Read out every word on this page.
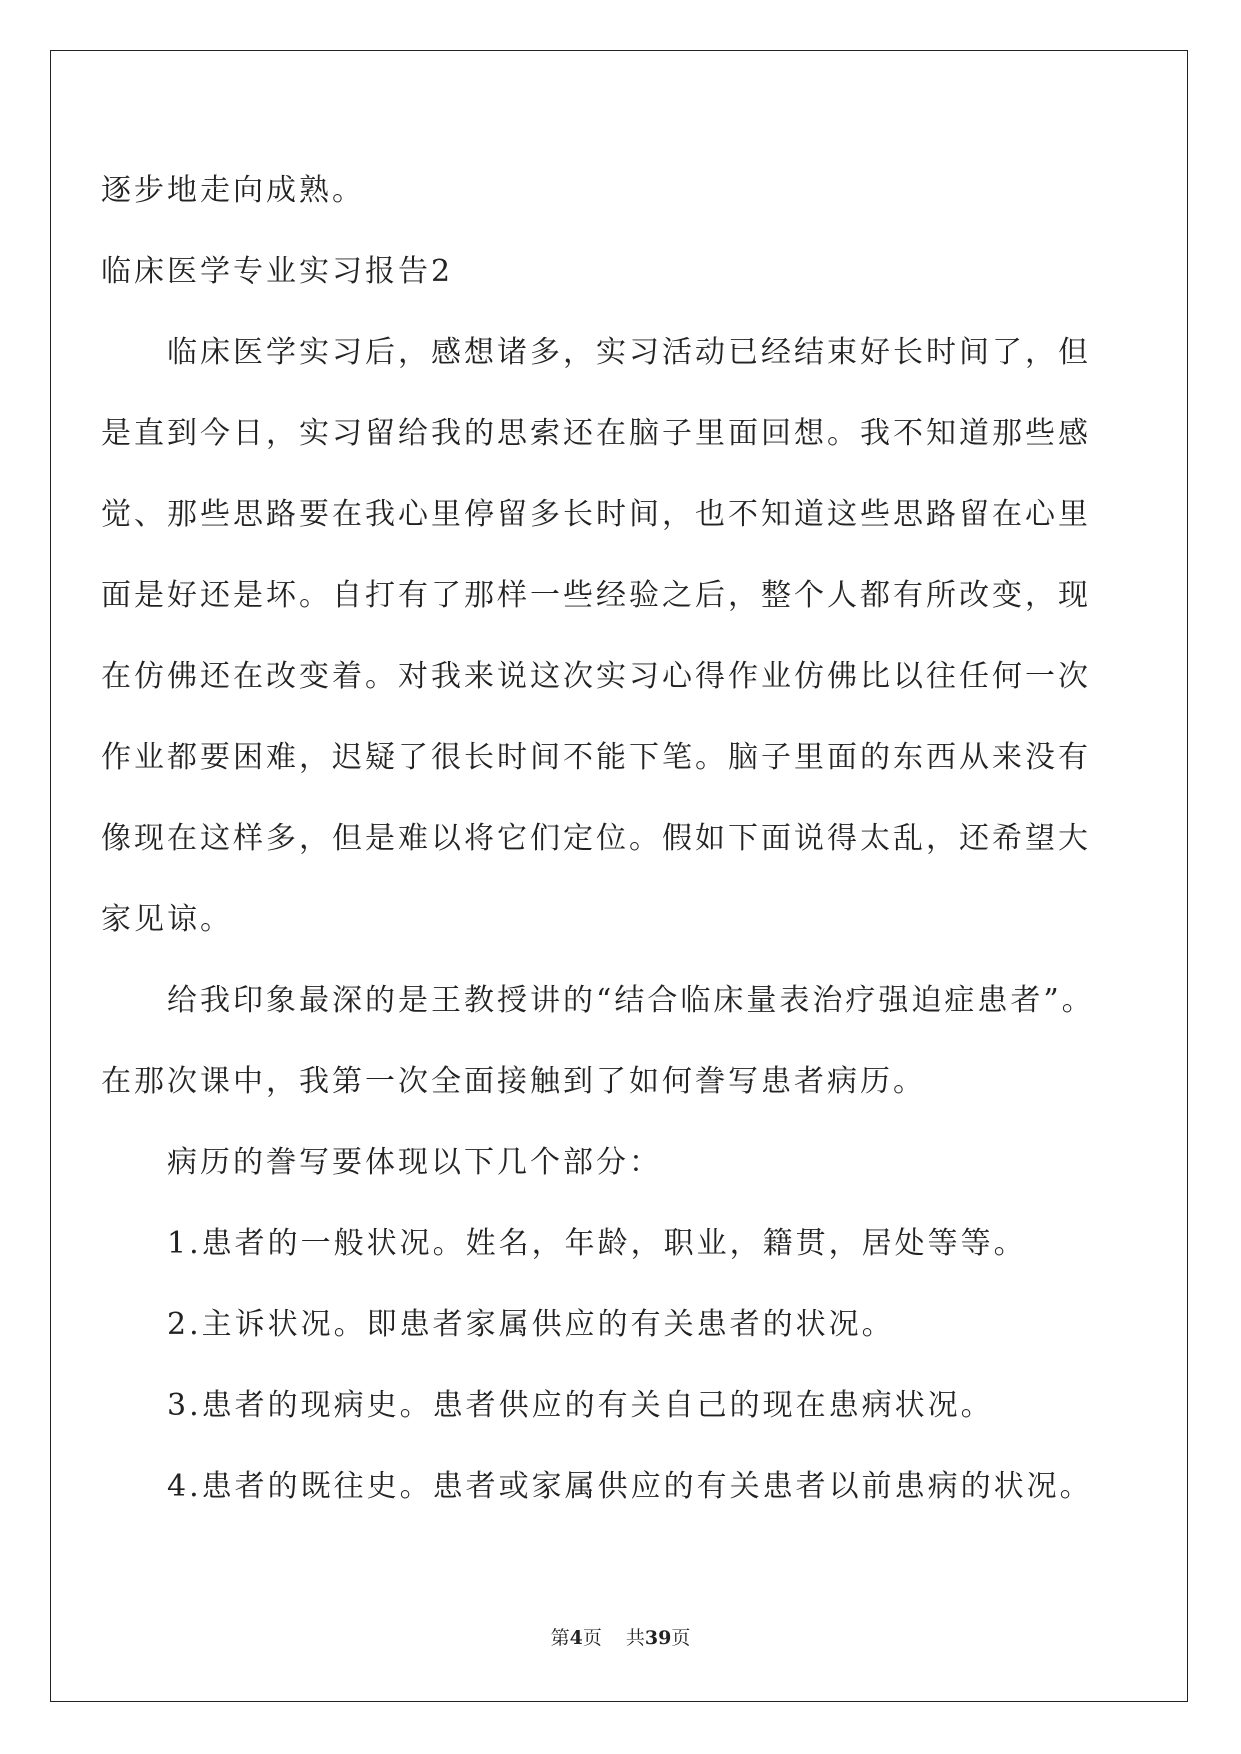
逐步地走向成熟。
临床医学专业实习报告2
临床医学实习后，感想诸多，实习活动已经结束好长时间了，但
是直到今日，实习留给我的思索还在脑子里面回想。我不知道那些感
觉、那些思路要在我心里停留多长时间，也不知道这些思路留在心里
面是好还是坏。自打有了那样一些经验之后，整个人都有所改变，现
在仿佛还在改变着。对我来说这次实习心得作业仿佛比以往任何一次
作业都要困难，迟疑了很长时间不能下笔。脑子里面的东西从来没有
像现在这样多，但是难以将它们定位。假如下面说得太乱，还希望大
家见谅。
给我印象最深的是王教授讲的“结合临床量表治疗强迫症患者”。
在那次课中，我第一次全面接触到了如何誊写患者病历。
病历的誊写要体现以下几个部分：
1.患者的一般状况。姓名，年龄，职业，籍贯，居处等等。
2.主诉状况。即患者家属供应的有关患者的状况。
3.患者的现病史。患者供应的有关自己的现在患病状况。
4.患者的既往史。患者或家属供应的有关患者以前患病的状况。
第4页 共39页
